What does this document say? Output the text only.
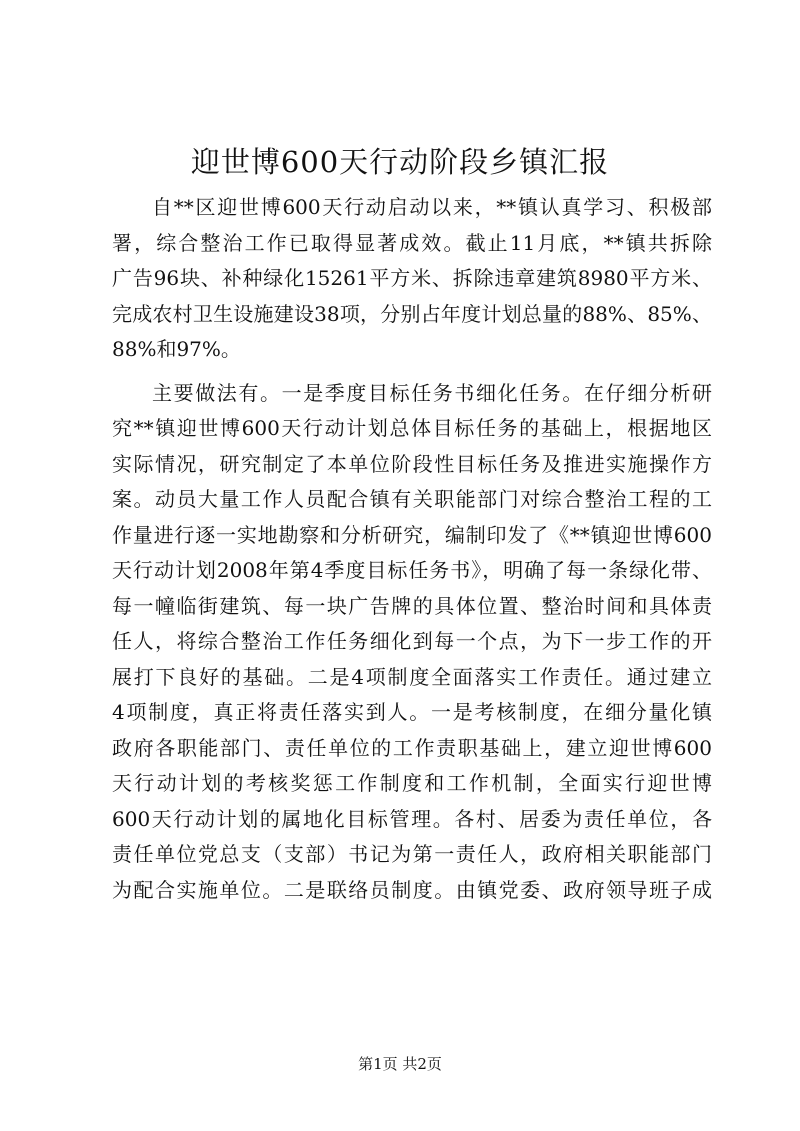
迎世博600天行动阶段乡镇汇报

自**区迎世博600天行动启动以来，**镇认真学习、积极部
署，综合整治工作已取得显著成效。截止11月底，**镇共拆除
广告96块、补种绿化15261平方米、拆除违章建筑8980平方米、
完成农村卫生设施建设38项，分别占年度计划总量的88%、85%、
88%和97%。

主要做法有。一是季度目标任务书细化任务。在仔细分析研
究**镇迎世博600天行动计划总体目标任务的基础上，根据地区
实际情况，研究制定了本单位阶段性目标任务及推进实施操作方
案。动员大量工作人员配合镇有关职能部门对综合整治工程的工
作量进行逐一实地勘察和分析研究，编制印发了《**镇迎世博600
天行动计划2008年第4季度目标任务书》，明确了每一条绿化带、
每一幢临街建筑、每一块广告牌的具体位置、整治时间和具体责
任人，将综合整治工作任务细化到每一个点，为下一步工作的开
展打下良好的基础。二是4项制度全面落实工作责任。通过建立
4项制度，真正将责任落实到人。一是考核制度，在细分量化镇
政府各职能部门、责任单位的工作责职基础上，建立迎世博600
天行动计划的考核奖惩工作制度和工作机制，全面实行迎世博
600天行动计划的属地化目标管理。各村、居委为责任单位，各
责任单位党总支（支部）书记为第一责任人，政府相关职能部门
为配合实施单位。二是联络员制度。由镇党委、政府领导班子成

第1页 共2页
